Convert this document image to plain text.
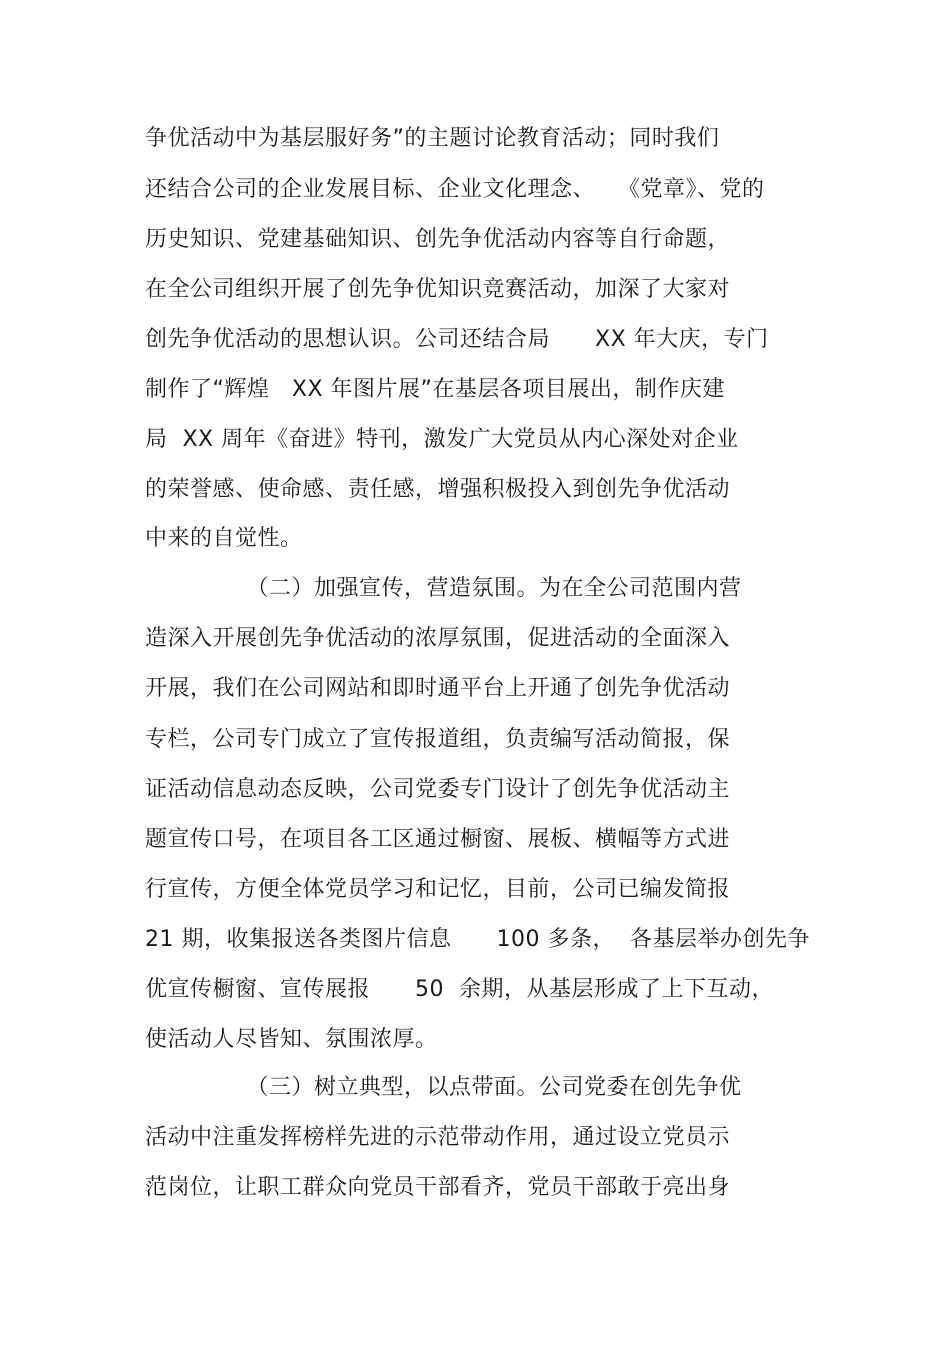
争优活动中为基层服好务”的主题讨论教育活动；同时我们
还结合公司的企业发展目标、企业文化理念、　　《党章》、党的
历史知识、党建基础知识、创先争优活动内容等自行命题，
在全公司组织开展了创先争优知识竞赛活动，加深了大家对
创先争优活动的思想认识。公司还结合局　　XX 年大庆，专门
制作了“辉煌　XX 年图片展”在基层各项目展出，制作庆建
局  XX 周年《奋进》特刊，激发广大党员从内心深处对企业
的荣誉感、使命感、责任感，增强积极投入到创先争优活动
中来的自觉性。
　　　　　（二）加强宣传，营造氛围。为在全公司范围内营
造深入开展创先争优活动的浓厚氛围，促进活动的全面深入
开展，我们在公司网站和即时通平台上开通了创先争优活动
专栏，公司专门成立了宣传报道组，负责编写活动简报，保
证活动信息动态反映，公司党委专门设计了创先争优活动主
题宣传口号，在项目各工区通过橱窗、展板、横幅等方式进
行宣传，方便全体党员学习和记忆，目前，公司已编发简报
21 期，收集报送各类图片信息　　100 多条，  各基层举办创先争
优宣传橱窗、宣传展报　　50  余期，从基层形成了上下互动，
使活动人尽皆知、氛围浓厚。
　　　　　（三）树立典型，以点带面。公司党委在创先争优
活动中注重发挥榜样先进的示范带动作用，通过设立党员示
范岗位，让职工群众向党员干部看齐，党员干部敢于亮出身
